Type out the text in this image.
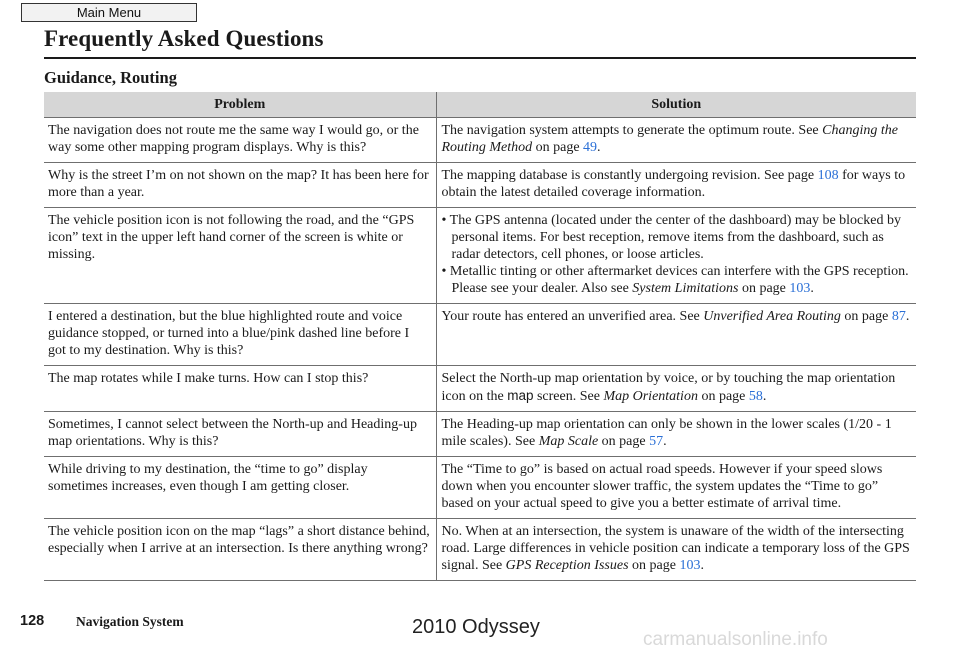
Main Menu
Frequently Asked Questions
Guidance, Routing
Problem	Solution
The navigation does not route me the same way I would go, or the way some other mapping program displays. Why is this?	The navigation system attempts to generate the optimum route. See Changing the Routing Method on page 49.
Why is the street I’m on not shown on the map? It has been here for more than a year.	The mapping database is constantly undergoing revision. See page 108 for ways to obtain the latest detailed coverage information.
The vehicle position icon is not following the road, and the “GPS icon” text in the upper left hand corner of the screen is white or missing.	• The GPS antenna (located under the center of the dashboard) may be blocked by personal items. For best reception, remove items from the dashboard, such as radar detectors, cell phones, or loose articles.
• Metallic tinting or other aftermarket devices can interfere with the GPS reception. Please see your dealer. Also see System Limitations on page 103.

I entered a destination, but the blue highlighted route and voice guidance stopped, or turned into a blue/pink dashed line before I got to my destination. Why is this?	Your route has entered an unverified area. See Unverified Area Routing on page 87.
The map rotates while I make turns. How can I stop this?	Select the North-up map orientation by voice, or by touching the map orientation icon on the map screen. See Map Orientation on page 58.
Sometimes, I cannot select between the North-up and Heading-up map orientations. Why is this?	The Heading-up map orientation can only be shown in the lower scales (1/20 - 1 mile scales). See Map Scale on page 57.
While driving to my destination, the “time to go” display sometimes increases, even though I am getting closer.	The “Time to go” is based on actual road speeds. However if your speed slows down when you encounter slower traffic, the system updates the “Time to go” based on your actual speed to give you a better estimate of arrival time.
The vehicle position icon on the map “lags” a short distance behind, especially when I arrive at an intersection. Is there anything wrong?	No. When at an intersection, the system is unaware of the width of the intersecting road. Large differences in vehicle position can indicate a temporary loss of the GPS signal. See GPS Reception Issues on page 103.
128 Navigation System	2010 Odyssey
carmanualsonline.info
